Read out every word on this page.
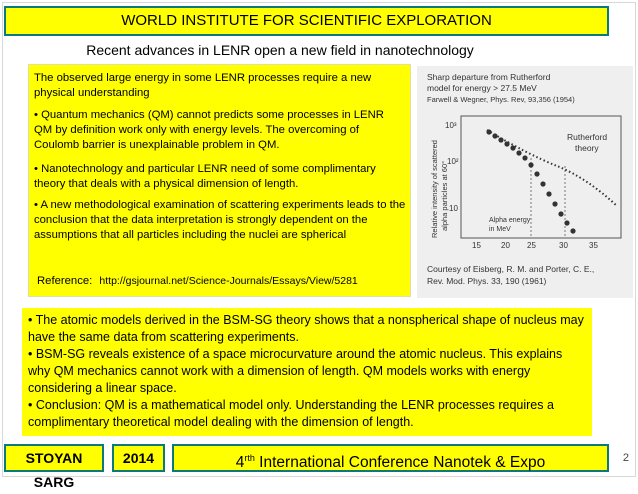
WORLD INSTITUTE FOR SCIENTIFIC EXPLORATION
Recent advances in LENR open a new field in nanotechnology

The observed large energy in some LENR processes require a new physical understanding

• Quantum mechanics (QM) cannot predicts some processes in LENR QM by definition work only with energy levels. The overcoming of Coulomb barrier is unexplainable problem in QM.

• Nanotechnology and particular LENR need of some complimentary theory that deals with a physical dimension of length.

• A new methodological examination of scattering experiments leads to the conclusion that the data interpretation is strongly dependent on the assumptions that all particles including the nuclei are spherical

Reference: http://gsjournal.net/Science-Journals/Essays/View/5281

Sharp departure from Rutherford
model for energy > 27.5 MeV
Farwell & Wegner, Phys. Rev, 93,356 (1954)
Relative intensity of scattered alpha particles at 60°
10³
10²
10
Rutherford
theory
Alpha energy
in MeV
15	20 25	30	35
Courtesy of Eisberg, R. M. and Porter, C. E.,
Rev. Mod. Phys. 33, 190 (1961)

• The atomic models derived in the BSM-SG theory shows that a nonspherical shape of nucleus may have the same data from scattering experiments.

• BSM-SG reveals existence of a space microcurvature around the atomic nucleus. This explains why QM mechanics cannot work with a dimension of length. QM models works with energy considering a linear space.

• Conclusion: QM is a mathematical model only. Understanding the LENR processes requires a complimentary theoretical model dealing with the dimension of length.

STOYAN SARG
2014	$4^{rth}$ International Conference Nanotek & Expo	2
